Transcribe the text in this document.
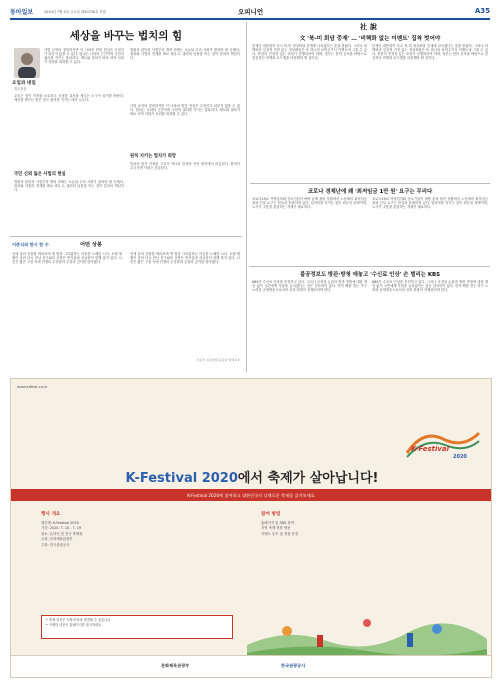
동아일보	2020년 7월 3일 금요일 제30708호 종합	오피니언	A35
세상을 바꾸는 법치의 힘
오일과 네일
법무장관
사법 규칙의 정당하지만 이 나라의 헌법 현실은 무엇인가 되묻지 않을 수 없다. 법치는 나라의 근간이며 국민의 권리를 지키는 울타리다. 제도와 절차가 바로 서야 사회가 신뢰를 회복할 수 있다.
법원의 판단과 사법부의 개혁 과제는 오늘날 우리 사회가 풀어야 할 숙제다. 정치와 사법의 경계를 바로 세우고, 권력의 남용을 막는 것이 법치의 핵심이다.
우리는 법이 약자를 보호하고 공정한 질서를 세우는 도구가 되기를 바란다. 세상을 바꾸는 힘은 결국 원칙을 지키는 데서 나온다.
사법 규칙의 정당하지만 이 나라의 헌법 현실은 무엇인가 되묻지 않을 수 없다. 법치는 나라의 근간이며 국민의 권리를 지키는 울타리다. 제도와 절차가 바로 서야 사회가 신뢰를 회복할 수 있다.
국민 신뢰 잃은 사법의 현실
원칙 지키는 법치가 희망
법원의 판단과 사법부의 개혁 과제는 오늘날 우리 사회가 풀어야 할 숙제다. 정치와 사법의 경계를 바로 세우고, 권력의 남용을 막는 것이 법치의 핵심이다.
법치의 힘은 거창한 구호가 아니라 일상의 작은 원칙에서 비롯된다. 원칙이 무너지면 사회는 흔들린다.
이준식의 한시 한 수	어떤 상봉
산에 올라 강물을 바라보며 옛 벗을 그리워하는 마음을 노래한 시다. 오랜 세월이 흘러 다시 만난 친구와의 상봉은 반가움과 서글픔이 함께 담겨 있다. 시인은 짧은 구절 속에 인생의 무상함과 우정의 깊이를 담아냈다.
산에 올라 강물을 바라보며 옛 벗을 그리워하는 마음을 노래한 시다. 오랜 세월이 흘러 다시 만난 친구와의 상봉은 반가움과 서글픔이 함께 담겨 있다. 시인은 짧은 구절 속에 인생의 무상함과 우정의 깊이를 담아냈다.
이준식 성균관대 중문과 명예교수
社說
文 '북-미 회담 중재' … '비핵화 없는 이벤트' 집착 벗어야
문재인 대통령이 다시 북-미 정상회담 중재에 나서겠다는 뜻을 밝혔다. 그러나 비핵화의 실질적 진전 없는 정상회담은 또 하나의 보여주기식 이벤트에 그칠 수 있다. 북한의 진정성 있는 조치가 선행되어야 하며, 정부는 한미 공조를 바탕으로 현실적인 비핵화 로드맵을 마련해야 할 것이다.
문재인 대통령이 다시 북-미 정상회담 중재에 나서겠다는 뜻을 밝혔다. 그러나 비핵화의 실질적 진전 없는 정상회담은 또 하나의 보여주기식 이벤트에 그칠 수 있다. 북한의 진정성 있는 조치가 선행되어야 하며, 정부는 한미 공조를 바탕으로 현실적인 비핵화 로드맵을 마련해야 할 것이다.
코로나 경제난에 왜 '최저임금 1만 원' 요구는 무리다
코로나19로 자영업자와 중소기업이 벼랑 끝에 몰린 상황에서 노동계의 최저임금 대폭 인상 요구는 현실과 동떨어져 있다. 일자리를 지키는 것이 최우선 과제이며, 노사가 고통을 분담하는 자세가 필요하다.
코로나19로 자영업자와 중소기업이 벼랑 끝에 몰린 상황에서 노동계의 최저임금 대폭 인상 요구는 현실과 동떨어져 있다. 일자리를 지키는 것이 최우선 과제이며, 노사가 고통을 분담하는 자세가 필요하다.
불공정보도 방관·방청 애놓고 '수신료 인상' 손 벌리는 KBS
KBS가 수신료 인상을 추진하고 있다. 그러나 공정성 논란과 방만 경영에 대한 개선 없이 국민에게 부담을 늘리겠다는 것은 설득력이 없다. 먼저 뼈를 깎는 자구 노력과 공영방송으로서의 신뢰 회복이 선행되어야 한다.
KBS가 수신료 인상을 추진하고 있다. 그러나 공정성 논란과 방만 경영에 대한 개선 없이 국민에게 부담을 늘리겠다는 것은 설득력이 없다. 먼저 뼈를 깎는 자구 노력과 공영방송으로서의 신뢰 회복이 선행되어야 한다.
www.kdfest.co.kr
K-Festival
2020
K-Festival 2020에서 축제가 살아납니다!
K-Festival 2020에 참여하고 대한민국의 다채로운 축제를 즐겨보세요
행사 개요
행사명: K-Festival 2020
기간: 2020. 7. 10 - 7. 19
장소: 온라인 및 전국 축제장
주최: 문화체육관광부
주관: 한국관광공사
참여 방법
홈페이지 및 SNS 참여
지역 축제 현장 방문
이벤트 응모 및 경품 증정
• 축제 일정은 사정에 따라 변경될 수 있습니다
• 자세한 내용은 홈페이지를 참고하세요
문화체육관광부	한국관광공사
